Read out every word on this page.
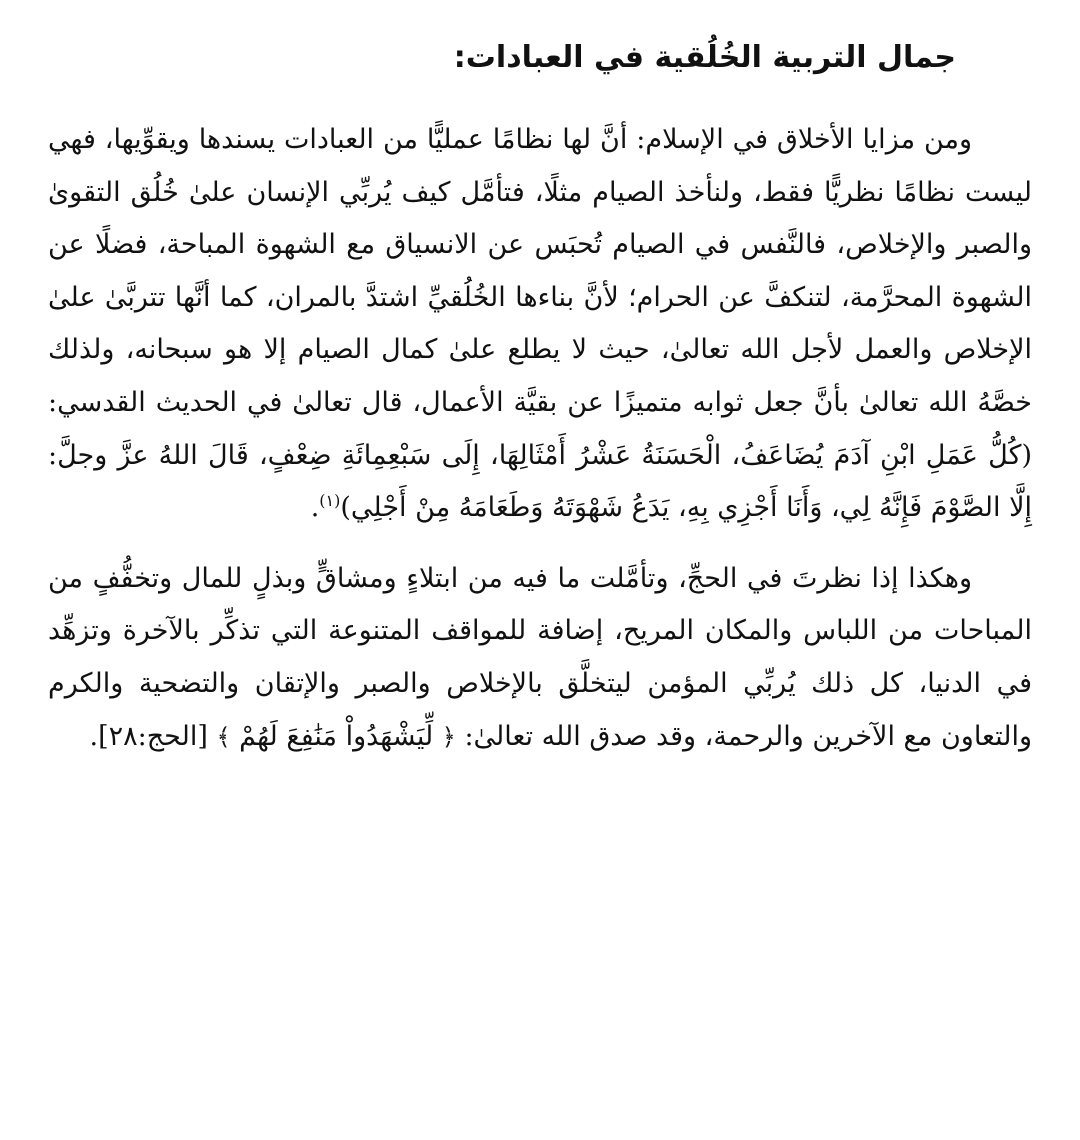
جمال التربية الخُلُقية في العبادات:

ومن مزايا الأخلاق في الإسلام: أنَّ لها نظامًا عمليًّا من العبادات يسندها ويقوِّيها، فهي ليست نظامًا نظريًّا فقط، ولنأخذ الصيام مثلًا، فتأمَّل كيف يُربِّي الإنسان علىٰ خُلُق التقوىٰ والصبر والإخلاص، فالنَّفس في الصيام تُحبَس عن الانسياق مع الشهوة المباحة، فضلًا عن الشهوة المحرَّمة، لتنكفَّ عن الحرام؛ لأنَّ بناءها الخُلُقيِّ اشتدَّ بالمران، كما أنَّها تتربَّىٰ علىٰ الإخلاص والعمل لأجل الله تعالىٰ، حيث لا يطلع علىٰ كمال الصيام إلا هو سبحانه، ولذلك خصَّهُ الله تعالىٰ بأنَّ جعل ثوابه متميزًا عن بقيَّة الأعمال، قال تعالىٰ في الحديث القدسي: (كُلُّ عَمَلِ ابْنِ آدَمَ يُضَاعَفُ، الْحَسَنَةُ عَشْرُ أَمْثَالِهَا، إِلَى سَبْعِمِائَةِ ضِعْفٍ، قَالَ اللهُ عزَّ وجلَّ: إِلَّا الصَّوْمَ فَإِنَّهُ لِي، وَأَنَا أَجْزِي بِهِ، يَدَعُ شَهْوَتَهُ وَطَعَامَهُ مِنْ أَجْلِي)$^{(١)}$.

وهكذا إذا نظرتَ في الحجِّ، وتأمَّلت ما فيه من ابتلاءٍ ومشاقٍّ وبذلٍ للمال وتخفُّفٍ من المباحات من اللباس والمكان المريح، إضافة للمواقف المتنوعة التي تذكِّر بالآخرة وتزهِّد في الدنيا، كل ذلك يُربِّي المؤمن ليتخلَّق بالإخلاص والصبر والإتقان والتضحية والكرم والتعاون مع الآخرين والرحمة، وقد صدق الله تعالىٰ: ﴿ لِّيَشْهَدُواْ مَنَٰفِعَ لَهُمْ ﴾ [الحج:٢٨].
